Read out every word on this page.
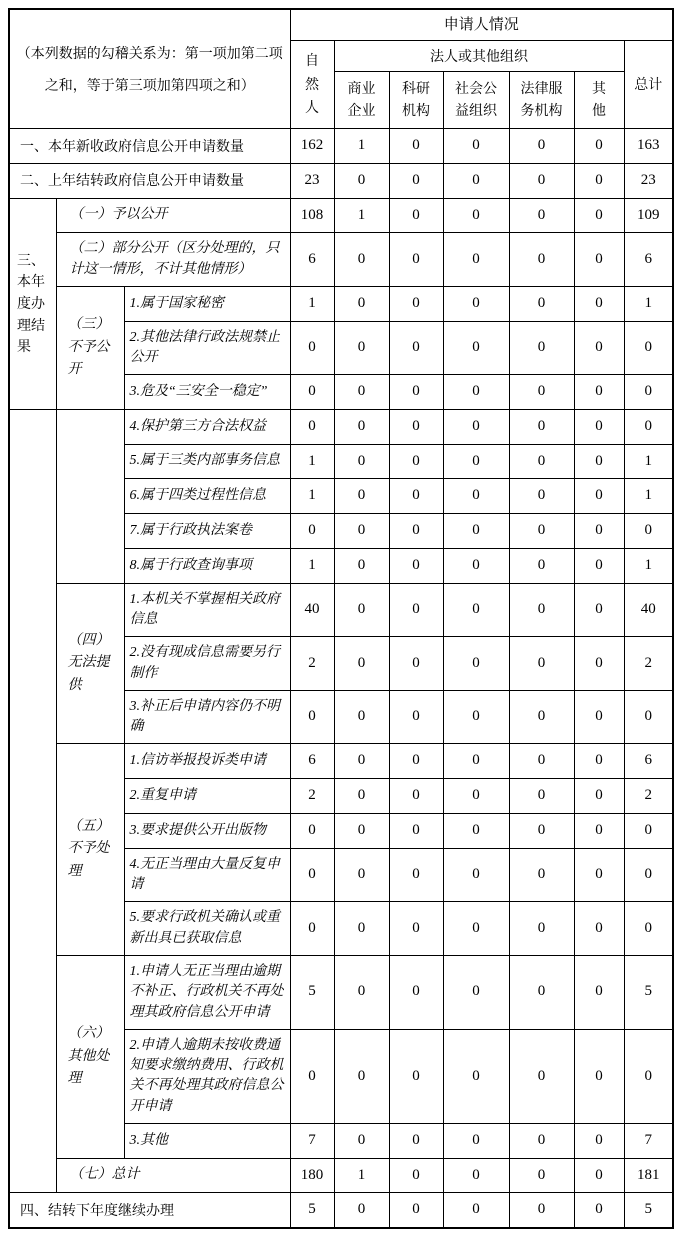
（本列数据的勾稽关系为：第一项加第二项之和，等于第三项加第四项之和）			申请人情况						
			自然人	法人或其他组织					总计
				商业企业	科研机构	社会公益组织	法律服务机构	其他	
一、本年新收政府信息公开申请数量			162	1	0	0	0	0	163
二、上年结转政府信息公开申请数量			23	0	0	0	0	0	23
三、本年度办理结果	（一）予以公开		108	1	0	0	0	0	109
	（二）部分公开（区分处理的，只计这一情形，不计其他情形）		6	0	0	0	0	0	6
	（三）不予公开	1.属于国家秘密	1	0	0	0	0	0	1
		2.其他法律行政法规禁止公开	0	0	0	0	0	0	0
		3.危及“三安全一稳定”	0	0	0	0	0	0	0
		4.保护第三方合法权益	0	0	0	0	0	0	0
		5.属于三类内部事务信息	1	0	0	0	0	0	1
		6.属于四类过程性信息	1	0	0	0	0	0	1
		7.属于行政执法案卷	0	0	0	0	0	0	0
		8.属于行政查询事项	1	0	0	0	0	0	1
	（四）无法提供	1.本机关不掌握相关政府信息	40	0	0	0	0	0	40
		2.没有现成信息需要另行制作	2	0	0	0	0	0	2
		3.补正后申请内容仍不明确	0	0	0	0	0	0	0
	（五）不予处理	1.信访举报投诉类申请	6	0	0	0	0	0	6
		2.重复申请	2	0	0	0	0	0	2
		3.要求提供公开出版物	0	0	0	0	0	0	0
		4.无正当理由大量反复申请	0	0	0	0	0	0	0
		5.要求行政机关确认或重新出具已获取信息	0	0	0	0	0	0	0
	（六）其他处理	1.申请人无正当理由逾期不补正、行政机关不再处理其政府信息公开申请	5	0	0	0	0	0	5
		2.申请人逾期未按收费通知要求缴纳费用、行政机关不再处理其政府信息公开申请	0	0	0	0	0	0	0
		3.其他	7	0	0	0	0	0	7
	（七）总计		180	1	0	0	0	0	181
四、结转下年度继续办理			5	0	0	0	0	0	5
